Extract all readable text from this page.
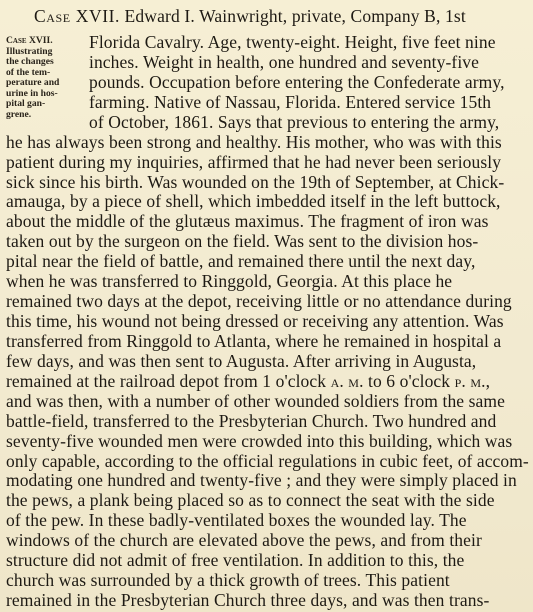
Case XVII. Edward I. Wainwright, private, Company B, 1st
Case XVII.
Illustrating
the changes
of the tem-
perature and
urine in hos-
pital gan-
grene.
Florida Cavalry. Age, twenty-eight. Height, five feet nine
inches. Weight in health, one hundred and seventy-five
pounds. Occupation before entering the Confederate army,
farming. Native of Nassau, Florida. Entered service 15th
of October, 1861. Says that previous to entering the army,
he has always been strong and healthy. His mother, who was with this
patient during my inquiries, affirmed that he had never been seriously
sick since his birth. Was wounded on the 19th of September, at Chick-
amauga, by a piece of shell, which imbedded itself in the left buttock,
about the middle of the glutæus maximus. The fragment of iron was
taken out by the surgeon on the field. Was sent to the division hos-
pital near the field of battle, and remained there until the next day,
when he was transferred to Ringgold, Georgia. At this place he
remained two days at the depot, receiving little or no attendance during
this time, his wound not being dressed or receiving any attention. Was
transferred from Ringgold to Atlanta, where he remained in hospital a
few days, and was then sent to Augusta. After arriving in Augusta,
remained at the railroad depot from 1 o'clock a. m. to 6 o'clock p. m.,
and was then, with a number of other wounded soldiers from the same
battle-field, transferred to the Presbyterian Church. Two hundred and
seventy-five wounded men were crowded into this building, which was
only capable, according to the official regulations in cubic feet, of accom-
modating one hundred and twenty-five ; and they were simply placed in
the pews, a plank being placed so as to connect the seat with the side
of the pew. In these badly-ventilated boxes the wounded lay. The
windows of the church are elevated above the pews, and from their
structure did not admit of free ventilation. In addition to this, the
church was surrounded by a thick growth of trees. This patient
remained in the Presbyterian Church three days, and was then trans-
